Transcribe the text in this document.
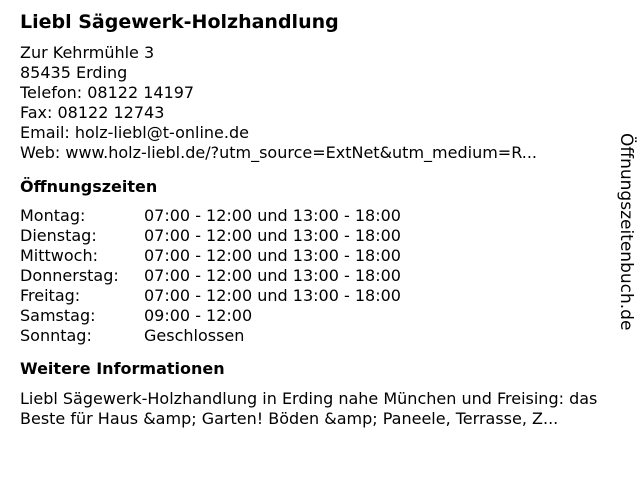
Liebl Sägewerk-Holzhandlung
Zur Kehrmühle 3
85435 Erding
Telefon: 08122 14197
Fax: 08122 12743
Email: holz-liebl@t-online.de
Web: www.holz-liebl.de/?utm_source=ExtNet&utm_medium=R...
Öffnungszeiten
Montag:	07:00 - 12:00 und 13:00 - 18:00
Dienstag:	07:00 - 12:00 und 13:00 - 18:00
Mittwoch:	07:00 - 12:00 und 13:00 - 18:00
Donnerstag:	07:00 - 12:00 und 13:00 - 18:00
Freitag:	07:00 - 12:00 und 13:00 - 18:00
Samstag:	09:00 - 12:00
Sonntag:	Geschlossen
Weitere Informationen
Liebl Sägewerk-Holzhandlung in Erding nahe München und Freising: das Beste für Haus &amp; Garten! Böden &amp; Paneele, Terrasse, Z...
Öffnungszeitenbuch.de
